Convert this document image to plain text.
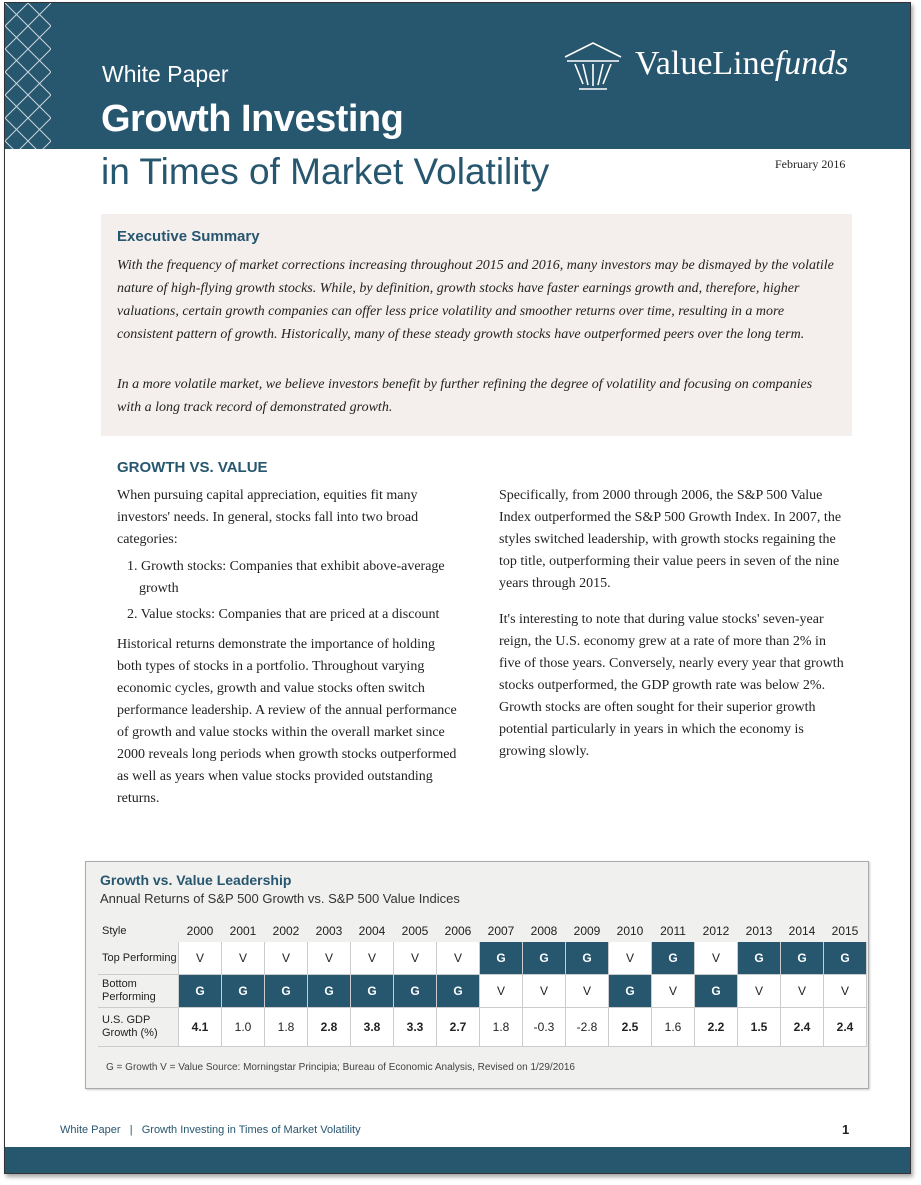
White Paper
Growth Investing
in Times of Market Volatility
ValueLinefunds
February 2016
Executive Summary

With the frequency of market corrections increasing throughout 2015 and 2016, many investors may be dismayed by the volatile nature of high-flying growth stocks. While, by definition, growth stocks have faster earnings growth and, therefore, higher valuations, certain growth companies can offer less price volatility and smoother returns over time, resulting in a more consistent pattern of growth. Historically, many of these steady growth stocks have outperformed peers over the long term.

In a more volatile market, we believe investors benefit by further refining the degree of volatility and focusing on companies with a long track record of demonstrated growth.

GROWTH VS. VALUE

When pursuing capital appreciation, equities fit many investors' needs. In general, stocks fall into two broad categories:

1. Growth stocks: Companies that exhibit above-average growth
2. Value stocks: Companies that are priced at a discount

Historical returns demonstrate the importance of holding both types of stocks in a portfolio. Throughout varying economic cycles, growth and value stocks often switch performance leadership. A review of the annual performance of growth and value stocks within the overall market since 2000 reveals long periods when growth stocks outperformed as well as years when value stocks provided outstanding returns.

Specifically, from 2000 through 2006, the S&P 500 Value Index outperformed the S&P 500 Growth Index. In 2007, the styles switched leadership, with growth stocks regaining the top title, outperforming their value peers in seven of the nine years through 2015.

It's interesting to note that during value stocks' seven-year reign, the U.S. economy grew at a rate of more than 2% in five of those years. Conversely, nearly every year that growth stocks outperformed, the GDP growth rate was below 2%. Growth stocks are often sought for their superior growth potential particularly in years in which the economy is growing slowly.

Growth vs. Value Leadership
Annual Returns of S&P 500 Growth vs. S&P 500 Value Indices
Style	2000	2001	2002	2003	2004	2005	2006	2007	2008	2009	2010	2011	2012	2013	2014	2015
Top Performing	V	V	V	V	V	V	V	G	G	G	V	G	V	G	G	G
Bottom Performing	G	G	G	G	G	G	G	V	V	V	G	V	G	V	V	V
U.S. GDP Growth (%)	4.1	1.0	1.8	2.8	3.8	3.3	2.7	1.8	-0.3	-2.8	2.5	1.6	2.2	1.5	2.4	2.4
G = Growth V = Value Source: Morningstar Principia; Bureau of Economic Analysis, Revised on 1/29/2016
White Paper   |   Growth Investing in Times of Market Volatility	1
